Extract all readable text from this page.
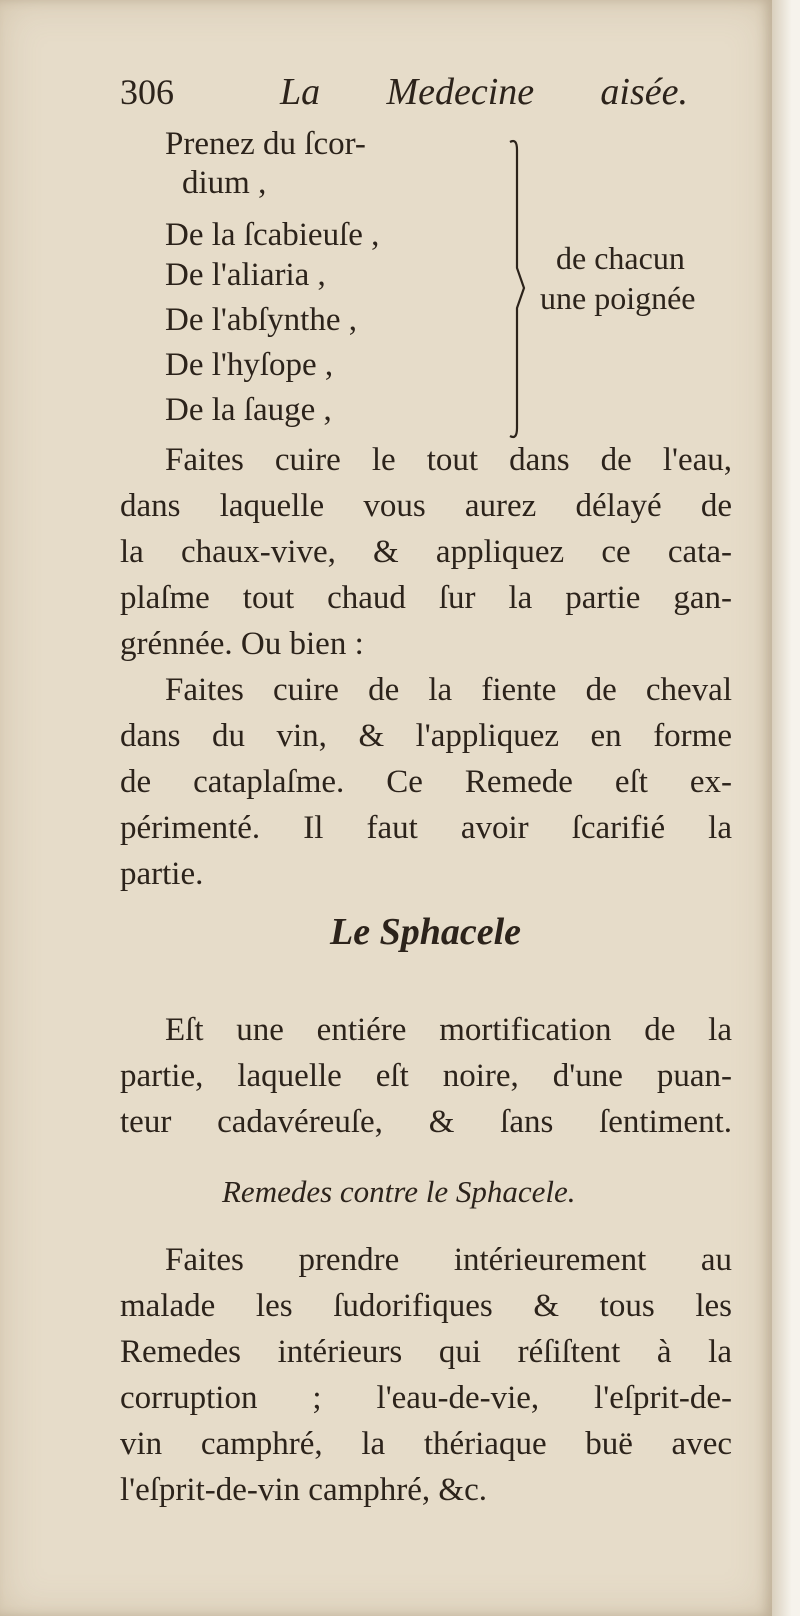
306	La Medecine aisée.
Prenez du ſcor-
dium ,
De la ſcabieuſe ,
De l'aliaria ,
De l'abſynthe ,
De l'hyſope ,
De la ſauge ,
de chacun
une poignée
Faites cuire le tout dans de l'eau,
dans laquelle vous aurez délayé de
la chaux-vive, & appliquez ce cata-
plaſme tout chaud ſur la partie gan-
grénnée. Ou bien :
Faites cuire de la fiente de cheval
dans du vin, & l'appliquez en forme
de cataplaſme. Ce Remede eſt ex-
périmenté. Il faut avoir ſcarifié la
partie.
Le Sphacele
Eſt une entiére mortification de la
partie, laquelle eſt noire, d'une puan-
teur cadavéreuſe, & ſans ſentiment.
Remedes contre le Sphacele.
Faites prendre intérieurement au
malade les ſudorifiques & tous les
Remedes intérieurs qui réſiſtent à la
corruption ; l'eau-de-vie, l'eſprit-de-
vin camphré, la thériaque buë avec
l'eſprit-de-vin camphré, &c.
